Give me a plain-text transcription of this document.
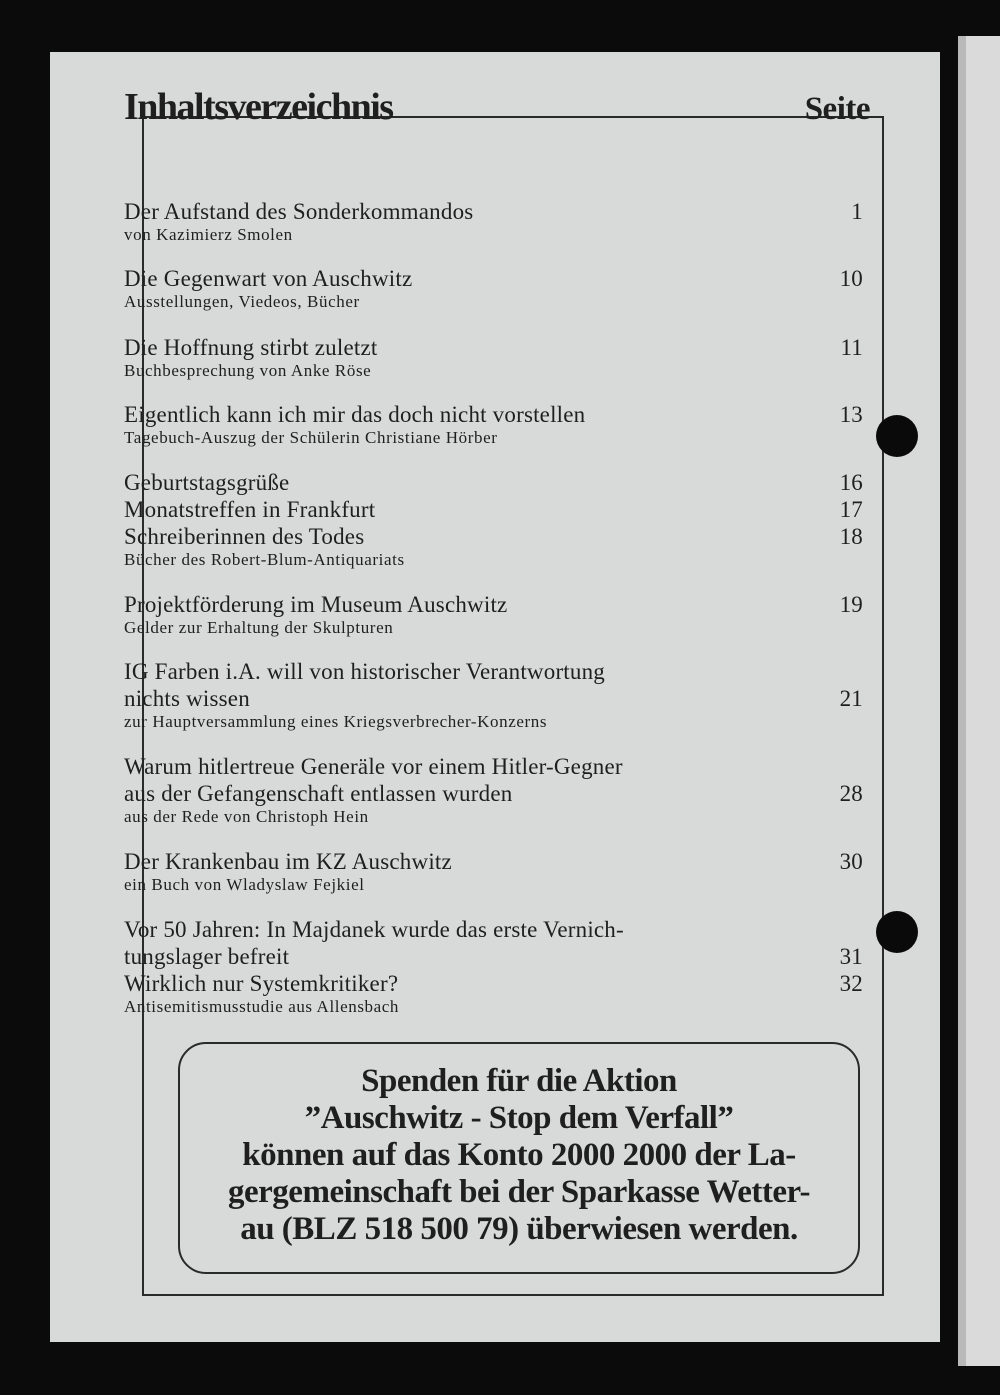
Inhaltsverzeichnis	Seite
Der Aufstand des Sonderkommandos	1
von Kazimierz Smolen
Die Gegenwart von Auschwitz	10
Ausstellungen, Viedeos, Bücher
Die Hoffnung stirbt zuletzt	11
Buchbesprechung von Anke Röse
Eigentlich kann ich mir das doch nicht vorstellen	13
Tagebuch-Auszug der Schülerin Christiane Hörber
Geburtstagsgrüße	16
Monatstreffen in Frankfurt	17
Schreiberinnen des Todes	18
Bücher des Robert-Blum-Antiquariats
Projektförderung im Museum Auschwitz	19
Gelder zur Erhaltung der Skulpturen
IG Farben i.A. will von historischer Verantwortung
nichts wissen	21
zur Hauptversammlung eines Kriegsverbrecher-Konzerns
Warum hitlertreue Generäle vor einem Hitler-Gegner
aus der Gefangenschaft entlassen wurden	28
aus der Rede von Christoph Hein
Der Krankenbau im KZ Auschwitz	30
ein Buch von Wladyslaw Fejkiel
Vor 50 Jahren: In Majdanek wurde das erste Vernich-
tungslager befreit	31
Wirklich nur Systemkritiker?	32
Antisemitismusstudie aus Allensbach
Spenden für die Aktion
”Auschwitz - Stop dem Verfall”
können auf das Konto 2000 2000 der La-
gergemeinschaft bei der Sparkasse Wetter-
au (BLZ 518 500 79) überwiesen werden.
